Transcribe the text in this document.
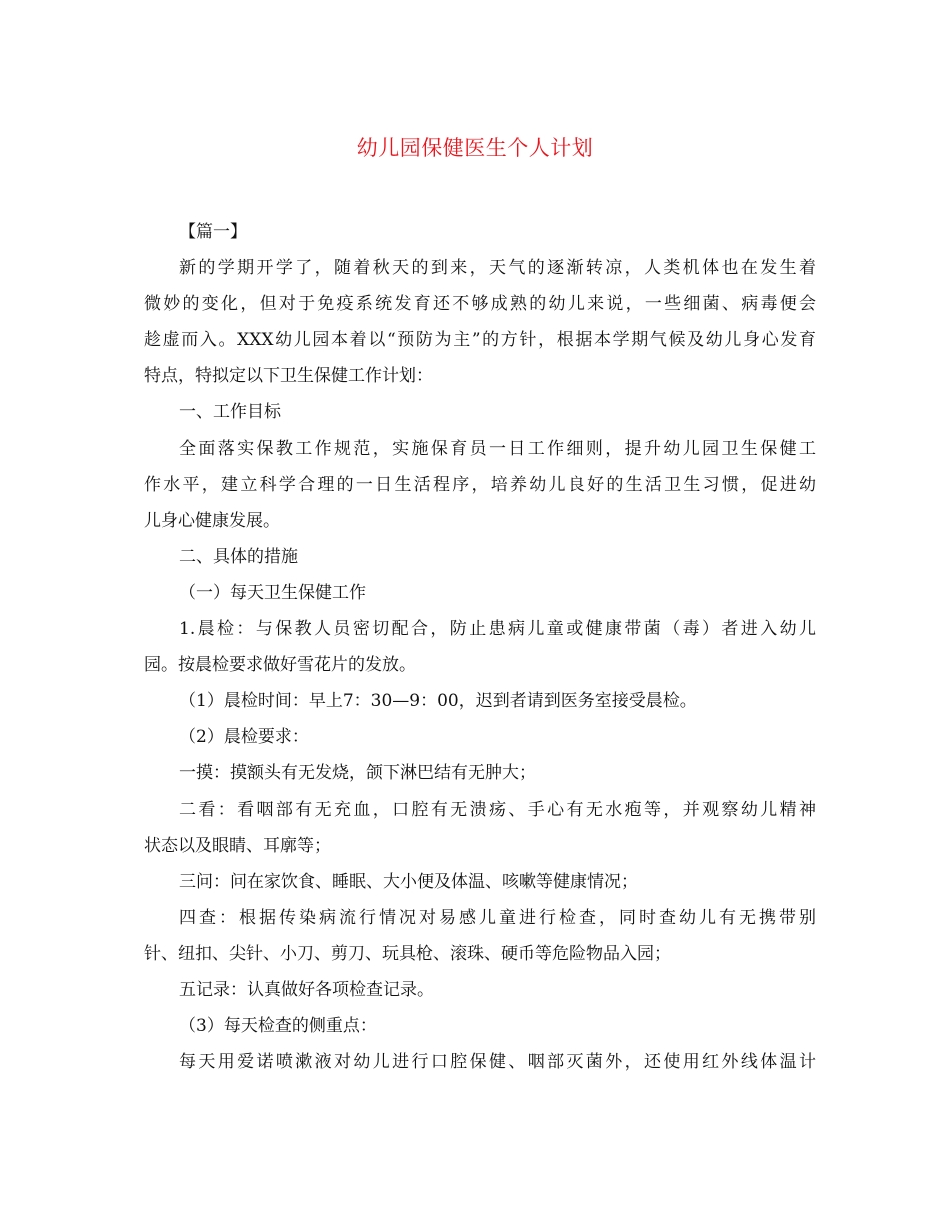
幼儿园保健医生个人计划
【篇一】
新的学期开学了，随着秋天的到来，天气的逐渐转凉，人类机体也在发生着
微妙的变化，但对于免疫系统发育还不够成熟的幼儿来说，一些细菌、病毒便会
趁虚而入。XXX幼儿园本着以“预防为主”的方针，根据本学期气候及幼儿身心发育
特点，特拟定以下卫生保健工作计划：
一、工作目标
全面落实保教工作规范，实施保育员一日工作细则，提升幼儿园卫生保健工
作水平，建立科学合理的一日生活程序，培养幼儿良好的生活卫生习惯，促进幼
儿身心健康发展。
二、具体的措施
（一）每天卫生保健工作
1.晨检：与保教人员密切配合，防止患病儿童或健康带菌（毒）者进入幼儿
园。按晨检要求做好雪花片的发放。
（1）晨检时间：早上7：30—9：00，迟到者请到医务室接受晨检。
（2）晨检要求：
一摸：摸额头有无发烧，颌下淋巴结有无肿大；
二看：看咽部有无充血，口腔有无溃疡、手心有无水疱等，并观察幼儿精神
状态以及眼睛、耳廓等；
三问：问在家饮食、睡眠、大小便及体温、咳嗽等健康情况；
四查：根据传染病流行情况对易感儿童进行检查，同时查幼儿有无携带别
针、纽扣、尖针、小刀、剪刀、玩具枪、滚珠、硬币等危险物品入园；
五记录：认真做好各项检查记录。
（3）每天检查的侧重点：
每天用爱诺喷漱液对幼儿进行口腔保健、咽部灭菌外，还使用红外线体温计
